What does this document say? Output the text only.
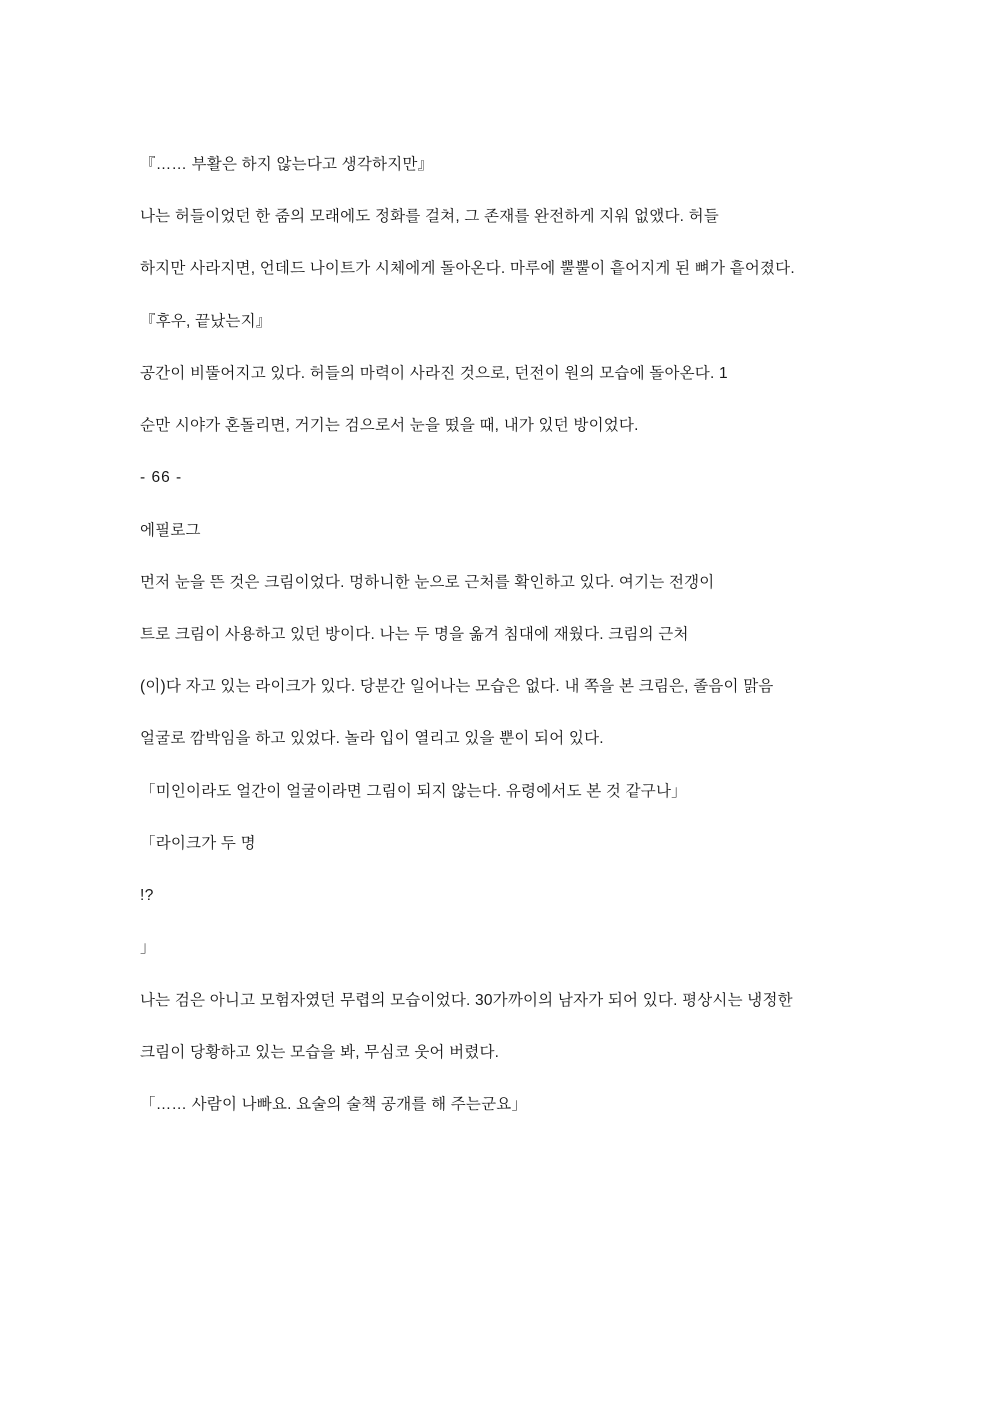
『…… 부활은 하지 않는다고 생각하지만』

나는 허들이었던 한 줌의 모래에도 정화를 걸쳐, 그 존재를 완전하게 지워 없앴다. 허들

하지만 사라지면, 언데드 나이트가 시체에게 돌아온다. 마루에 뿔뿔이 흩어지게 된 뼈가 흩어졌다.

『후우, 끝났는지』

공간이 비뚤어지고 있다. 허들의 마력이 사라진 것으로, 던전이 원의 모습에 돌아온다. 1

순만 시야가 혼돌리면, 거기는 검으로서 눈을 떴을 때, 내가 있던 방이었다.

- 66 -

에필로그

먼저 눈을 뜬 것은 크림이었다. 멍하니한 눈으로 근처를 확인하고 있다. 여기는 전갱이

트로 크림이 사용하고 있던 방이다. 나는 두 명을 옮겨 침대에 재웠다. 크림의 근처

(이)다 자고 있는 라이크가 있다. 당분간 일어나는 모습은 없다. 내 쪽을 본 크림은, 졸음이 맑음

얼굴로 깜박임을 하고 있었다. 놀라 입이 열리고 있을 뿐이 되어 있다.

「미인이라도 얼간이 얼굴이라면 그림이 되지 않는다. 유령에서도 본 것 같구나」

「라이크가 두 명

!?

」

나는 검은 아니고 모험자였던 무렵의 모습이었다. 30가까이의 남자가 되어 있다. 평상시는 냉정한

크림이 당황하고 있는 모습을 봐, 무심코 웃어 버렸다.

「…… 사람이 나빠요. 요술의 술책 공개를 해 주는군요」
